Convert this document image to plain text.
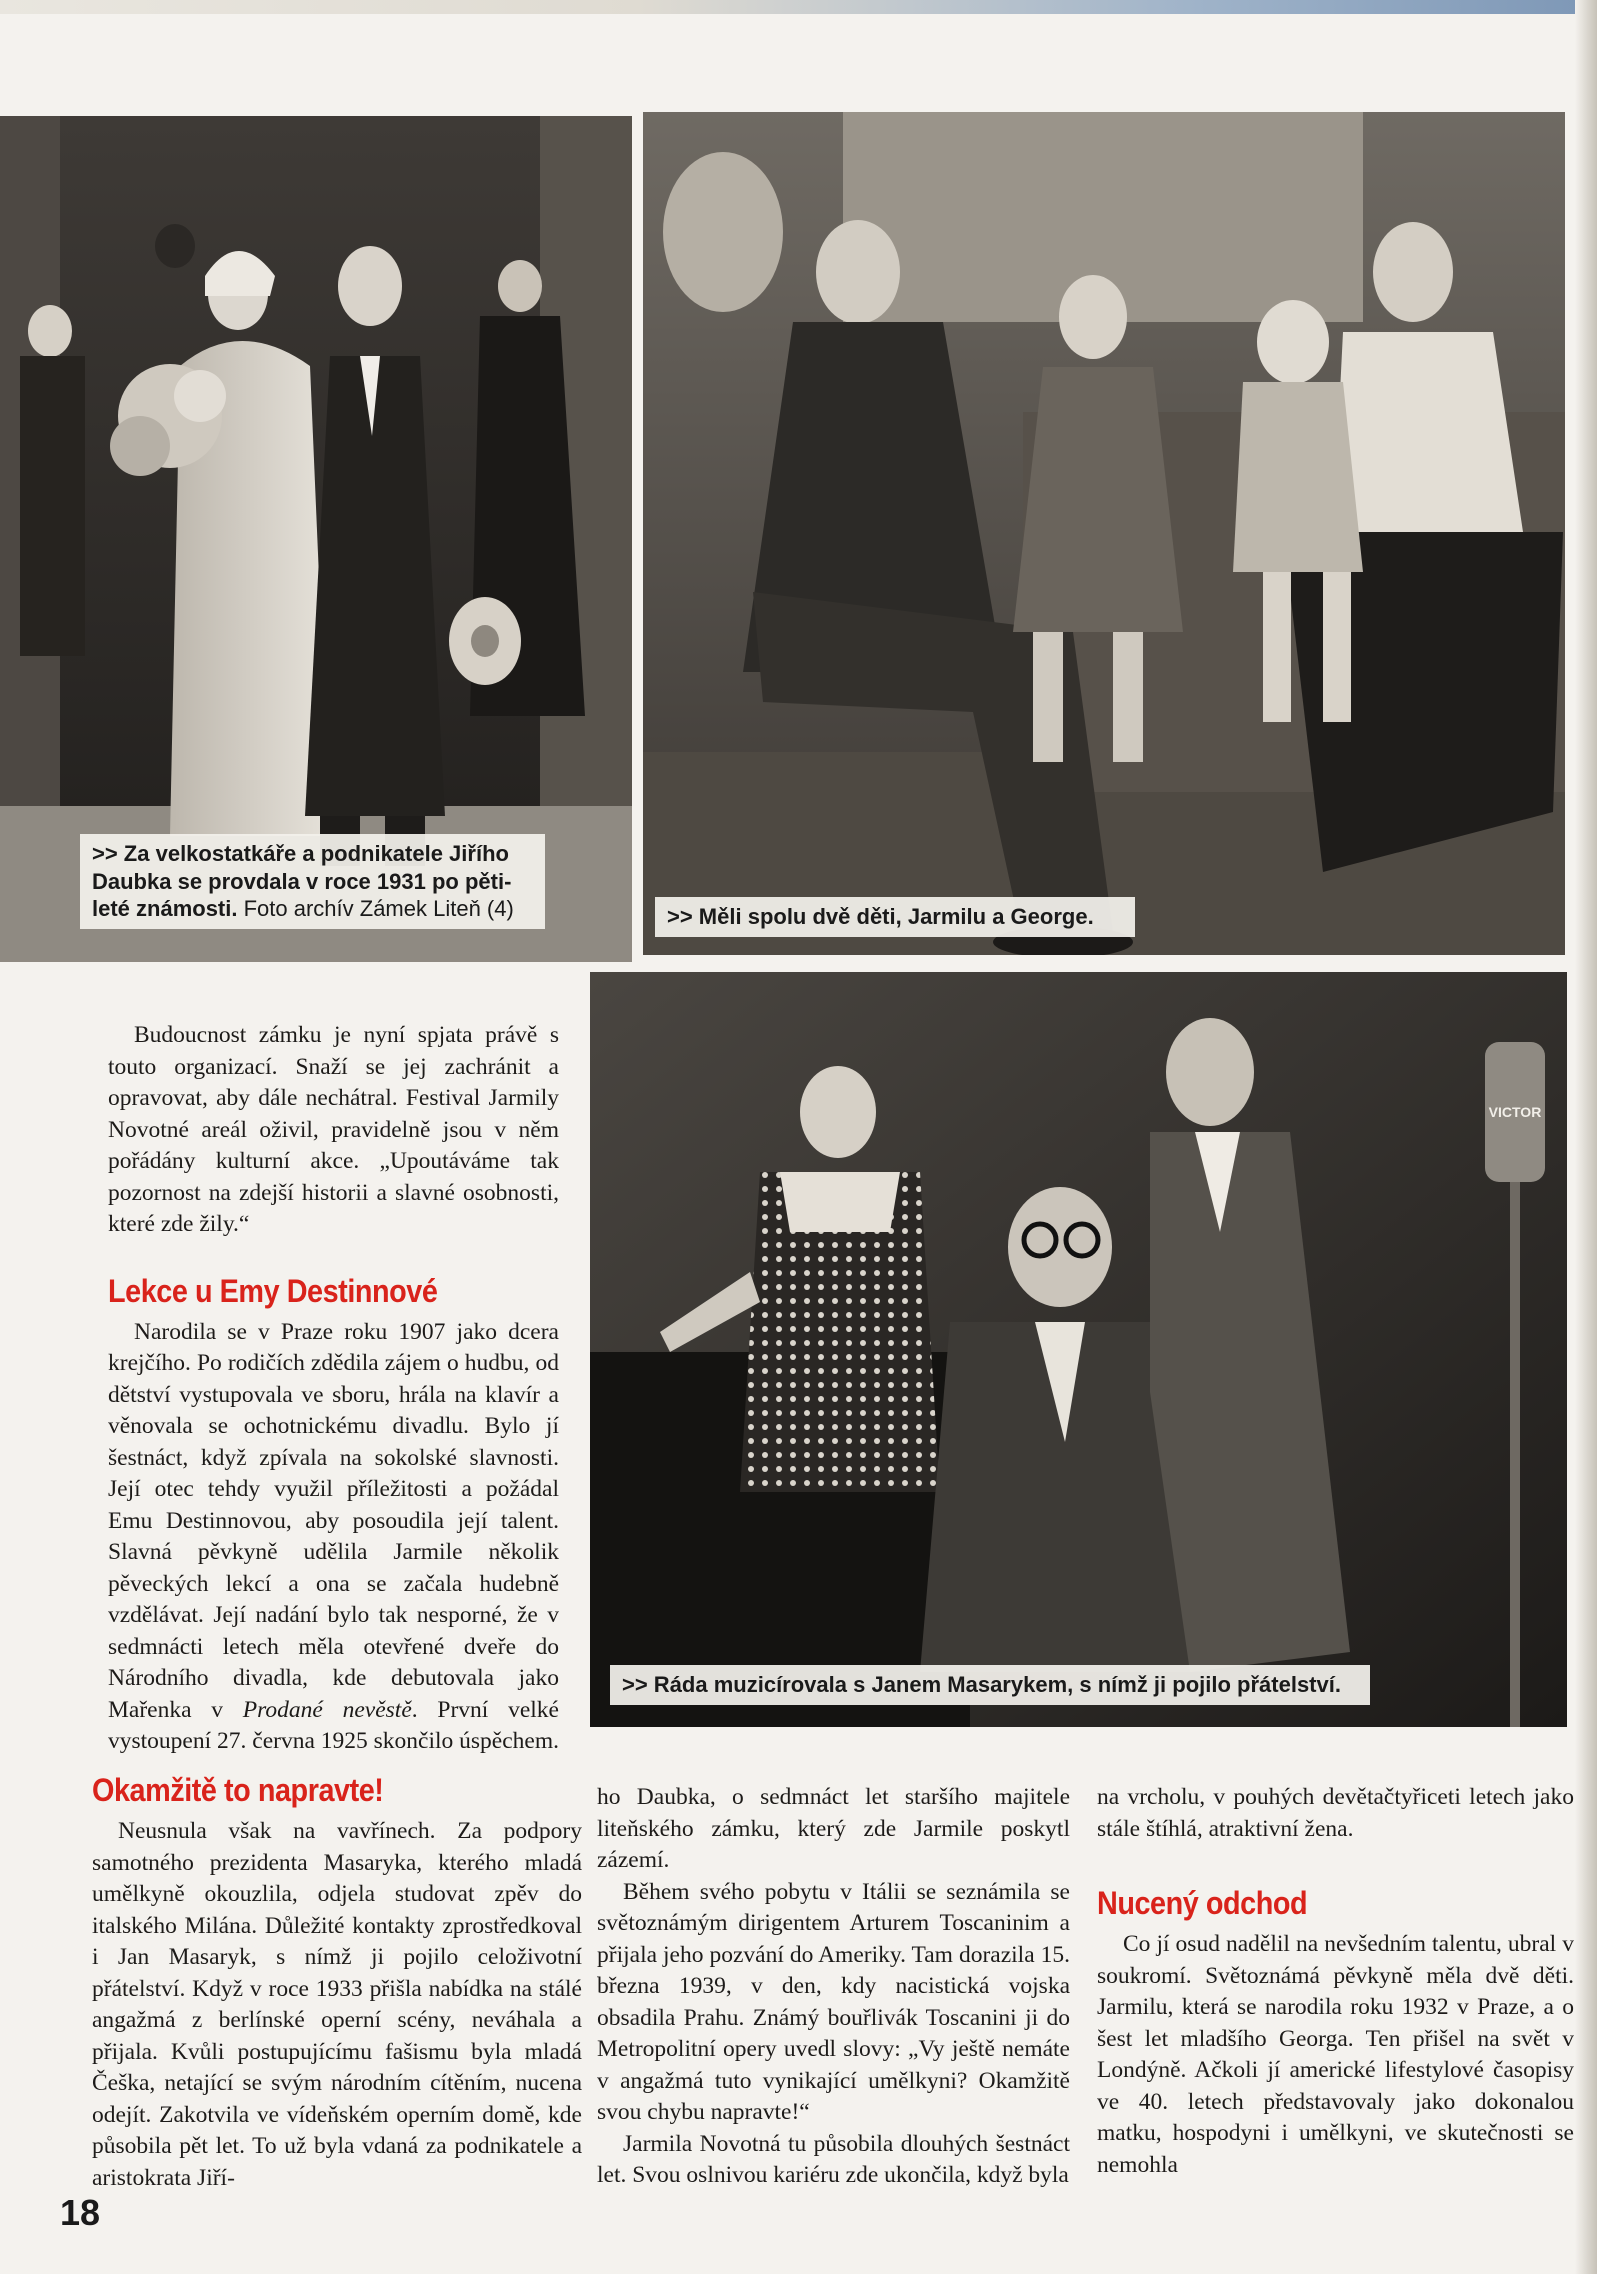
>> Za velkostatkáře a podnikatele Jiřího Daubka se provdala v roce 1931 po pětileté známosti. Foto archív Zámek Liteň (4)	>> Měli spolu dvě děti, Jarmilu a George.
VICTOR
>> Ráda muzicírovala s Janem Masarykem, s nímž ji pojilo přátelství.

Budoucnost zámku je nyní spjata právě s touto organizací. Snaží se jej zachránit a opravovat, aby dále nechátral. Festival Jarmily Novotné areál oživil, pravidelně jsou v něm pořádány kulturní akce. „Upoutáváme tak pozornost na zdejší historii a slavné osobnosti, které zde žily.“

Lekce u Emy Destinnové

Narodila se v Praze roku 1907 jako dcera krejčího. Po rodičích zdědila zájem o hudbu, od dětství vystupovala ve sboru, hrála na klavír a věnovala se ochotnickému divadlu. Bylo jí šestnáct, když zpívala na sokolské slavnosti. Její otec tehdy využil příležitosti a požádal Emu Destinnovou, aby posoudila její talent. Slavná pěvkyně udělila Jarmile několik pěveckých lekcí a ona se začala hudebně vzdělávat. Její nadání bylo tak nesporné, že v sedmnácti letech měla otevřené dveře do Národního divadla, kde debutovala jako Mařenka v Prodané nevěstě. První velké vystoupení 27. června 1925 skončilo úspěchem.

Okamžitě to napravte!

Neusnula však na vavřínech. Za podpory samotného prezidenta Masaryka, kterého mladá umělkyně okouzlila, odjela studovat zpěv do italského Milána. Důležité kontakty zprostředkoval i Jan Masaryk, s nímž ji pojilo celoživotní přátelství. Když v roce 1933 přišla nabídka na stálé angažmá z berlínské operní scény, neváhala a přijala. Kvůli postupujícímu fašismu byla mladá Češka, netající se svým národním cítěním, nucena odejít. Zakotvila ve vídeňském operním domě, kde působila pět let. To už byla vdaná za podnikatele a aristokrata Jiří-

ho Daubka, o sedmnáct let staršího majitele liteňského zámku, který zde Jarmile poskytl zázemí.

Během svého pobytu v Itálii se seznámila se světoznámým dirigentem Arturem Toscaninim a přijala jeho pozvání do Ameriky. Tam dorazila 15. března 1939, v den, kdy nacistická vojska obsadila Prahu. Známý bouřlivák Toscanini ji do Metropolitní opery uvedl slovy: „Vy ještě nemáte v angažmá tuto vynikající umělkyni? Okamžitě svou chybu napravte!“

Jarmila Novotná tu působila dlouhých šestnáct let. Svou oslnivou kariéru zde ukončila, když byla

na vrcholu, v pouhých devětačtyřiceti letech jako stále štíhlá, atraktivní žena.

Nucený odchod

Co jí osud nadělil na nevšedním talentu, ubral v soukromí. Světoznámá pěvkyně měla dvě děti. Jarmilu, která se narodila roku 1932 v Praze, a o šest let mladšího Georga. Ten přišel na svět v Londýně. Ačkoli jí americké lifestylové časopisy ve 40. letech představovaly jako dokonalou matku, hospodyni i umělkyni, ve skutečnosti se nemohla

18
